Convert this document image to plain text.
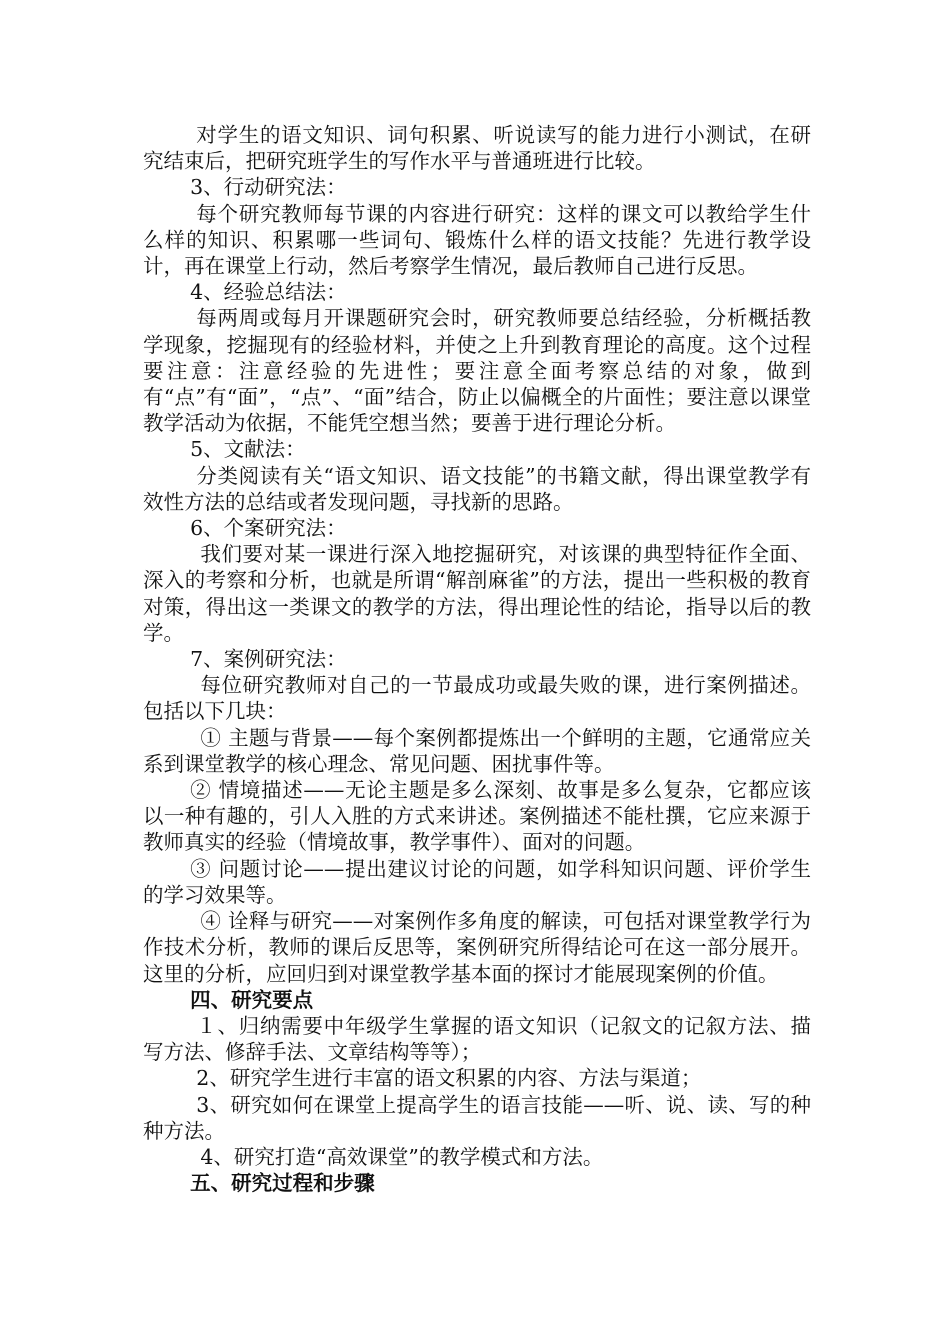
对学生的语文知识、词句积累、听说读写的能力进行小测试，在研究结束后，把研究班学生的写作水平与普通班进行比较。

3、行动研究法：

每个研究教师每节课的内容进行研究：这样的课文可以教给学生什么样的知识、积累哪一些词句、锻炼什么样的语文技能？先进行教学设计，再在课堂上行动，然后考察学生情况，最后教师自己进行反思。

4、经验总结法：

每两周或每月开课题研究会时，研究教师要总结经验，分析概括教学现象，挖掘现有的经验材料，并使之上升到教育理论的高度。这个过程要注意：注意经验的先进性；要注意全面考察总结的对象，做到有“点”有“面”，“点”、“面”结合，防止以偏概全的片面性；要注意以课堂教学活动为依据，不能凭空想当然；要善于进行理论分析。

5、文献法：

分类阅读有关“语文知识、语文技能”的书籍文献，得出课堂教学有效性方法的总结或者发现问题，寻找新的思路。

6、个案研究法：

我们要对某一课进行深入地挖掘研究，对该课的典型特征作全面、深入的考察和分析，也就是所谓“解剖麻雀”的方法，提出一些积极的教育对策，得出这一类课文的教学的方法，得出理论性的结论，指导以后的教学。

7、案例研究法：

每位研究教师对自己的一节最成功或最失败的课，进行案例描述。包括以下几块：

① 主题与背景——每个案例都提炼出一个鲜明的主题，它通常应关系到课堂教学的核心理念、常见问题、困扰事件等。

② 情境描述——无论主题是多么深刻、故事是多么复杂，它都应该以一种有趣的，引人入胜的方式来讲述。案例描述不能杜撰，它应来源于教师真实的经验（情境故事，教学事件）、面对的问题。

③ 问题讨论——提出建议讨论的问题，如学科知识问题、评价学生的学习效果等。

④ 诠释与研究——对案例作多角度的解读，可包括对课堂教学行为作技术分析，教师的课后反思等，案例研究所得结论可在这一部分展开。这里的分析，应回归到对课堂教学基本面的探讨才能展现案例的价值。

四、研究要点

１、归纳需要中年级学生掌握的语文知识（记叙文的记叙方法、描写方法、修辞手法、文章结构等等）；

2、研究学生进行丰富的语文积累的内容、方法与渠道；

3、研究如何在课堂上提高学生的语言技能——听、说、读、写的种种方法。

4、研究打造“高效课堂”的教学模式和方法。

五、研究过程和步骤
